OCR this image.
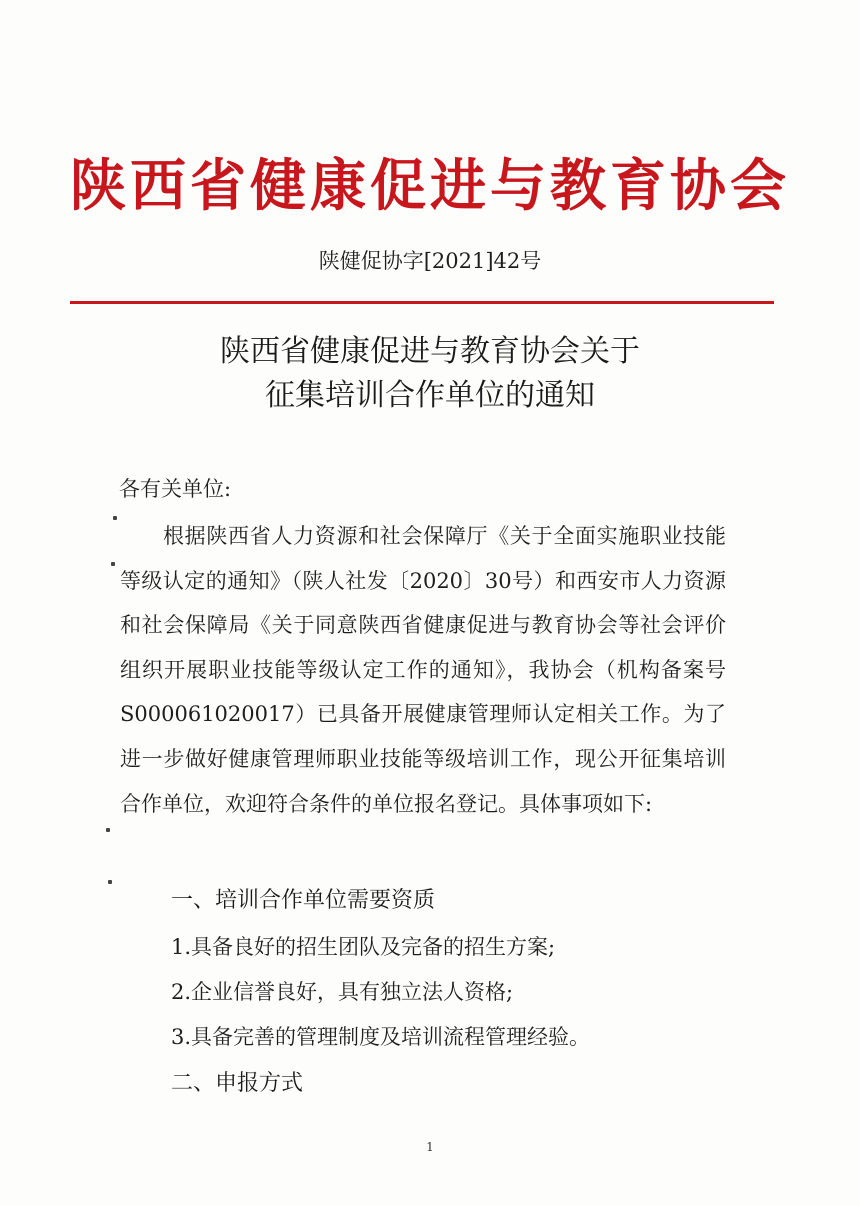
陕西省健康促进与教育协会
陕健促协字[2021]42号
陕西省健康促进与教育协会关于
征集培训合作单位的通知
各有关单位:

根据陕西省人力资源和社会保障厅《关于全面实施职业技能等级认定的通知》（陕人社发〔2020〕30号）和西安市人力资源和社会保障局《关于同意陕西省健康促进与教育协会等社会评价组织开展职业技能等级认定工作的通知》，我协会（机构备案号S000061020017）已具备开展健康管理师认定相关工作。为了进一步做好健康管理师职业技能等级培训工作，现公开征集培训合作单位，欢迎符合条件的单位报名登记。具体事项如下:

一、培训合作单位需要资质
1.具备良好的招生团队及完备的招生方案;
2.企业信誉良好，具有独立法人资格;
3.具备完善的管理制度及培训流程管理经验。
二、申报方式
1
